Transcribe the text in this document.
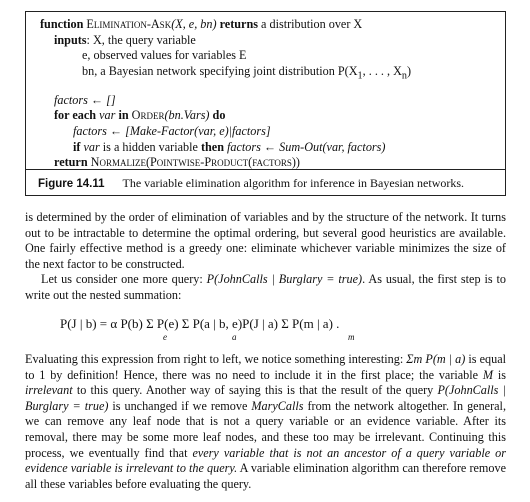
function Elimination-Ask(X, e, bn) returns a distribution over X
inputs: X, the query variable
e, observed values for variables E
bn, a Bayesian network specifying joint distribution $P(X_1$, . . . , $X_n$)
factors ← []
for each var in Order(bn.Vars) do
factors ← [Make-Factor(var, e)|factors]
if var is a hidden variable then factors ← Sum-Out(var, factors)
return Normalize(Pointwise-Product(factors))
Figure 14.11 The variable elimination algorithm for inference in Bayesian networks.

is determined by the order of elimination of variables and by the structure of the network. It turns out to be intractable to determine the optimal ordering, but several good heuristics are available. One fairly effective method is a greedy one: eliminate whichever variable minimizes the size of the next factor to be constructed.

Let us consider one more query: P(JohnCalls | Burglary = true). As usual, the first step is to write out the nested summation:

P(J | b) = α P(b) Σ P(e) Σ P(a | b, e)P(J | a) Σ P(m | a) .
e	a	m

Evaluating this expression from right to left, we notice something interesting: Σm P(m | a) is equal to 1 by definition! Hence, there was no need to include it in the first place; the variable M is irrelevant to this query. Another way of saying this is that the result of the query P(JohnCalls | Burglary = true) is unchanged if we remove MaryCalls from the network altogether. In general, we can remove any leaf node that is not a query variable or an evidence variable. After its removal, there may be some more leaf nodes, and these too may be irrelevant. Continuing this process, we eventually find that every variable that is not an ancestor of a query variable or evidence variable is irrelevant to the query. A variable elimination algorithm can therefore remove all these variables before evaluating the query.
